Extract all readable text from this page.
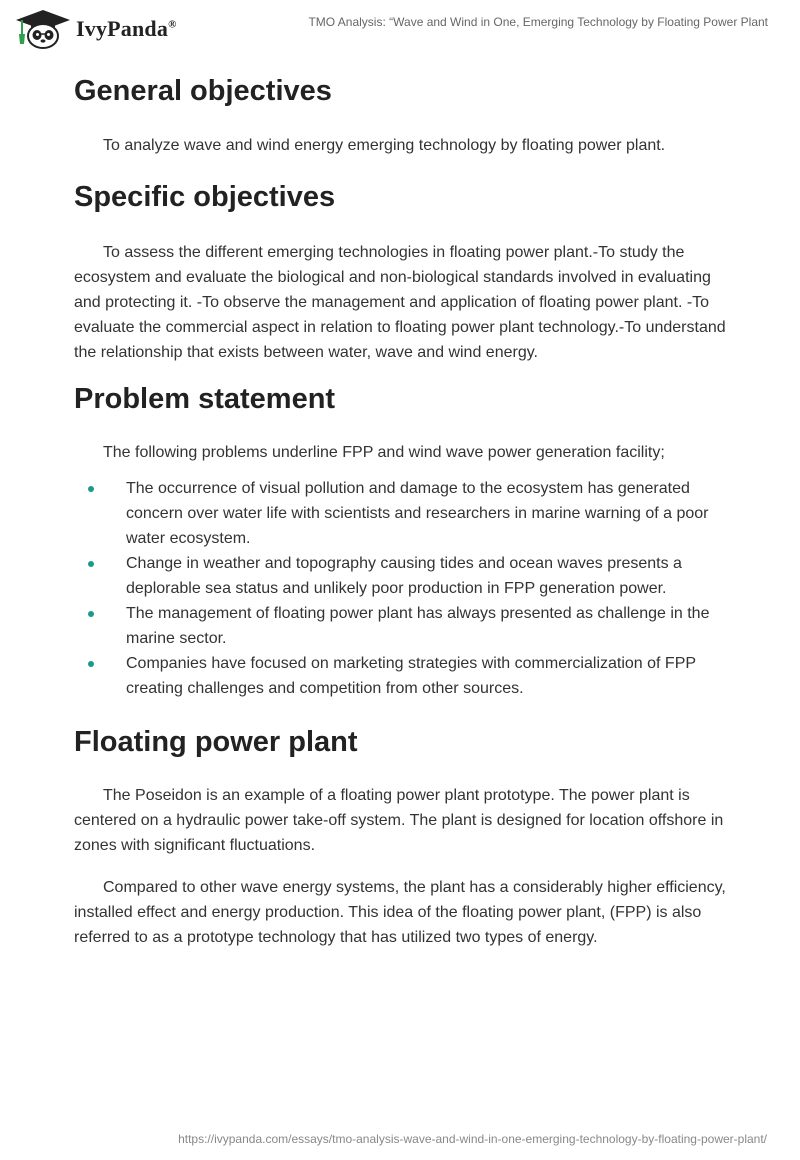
IvyPanda®	TMO Analysis: “Wave and Wind in One, Emerging Technology by Floating Power Plant
General objectives

To analyze wave and wind energy emerging technology by floating power plant.

Specific objectives

To assess the different emerging technologies in floating power plant.-To study the ecosystem and evaluate the biological and non-biological standards involved in evaluating and protecting it. -To observe the management and application of floating power plant. -To evaluate the commercial aspect in relation to floating power plant technology.-To understand the relationship that exists between water, wave and wind energy.

Problem statement

The following problems underline FPP and wind wave power generation facility;

The occurrence of visual pollution and damage to the ecosystem has generated concern over water life with scientists and researchers in marine warning of a poor water ecosystem.
Change in weather and topography causing tides and ocean waves presents a deplorable sea status and unlikely poor production in FPP generation power.
The management of floating power plant has always presented as challenge in the marine sector.
Companies have focused on marketing strategies with commercialization of FPP creating challenges and competition from other sources.
Floating power plant

The Poseidon is an example of a floating power plant prototype. The power plant is centered on a hydraulic power take-off system. The plant is designed for location offshore in zones with significant fluctuations.

Compared to other wave energy systems, the plant has a considerably higher efficiency, installed effect and energy production. This idea of the floating power plant, (FPP) is also referred to as a prototype technology that has utilized two types of energy.

https://ivypanda.com/essays/tmo-analysis-wave-and-wind-in-one-emerging-technology-by-floating-power-plant/
